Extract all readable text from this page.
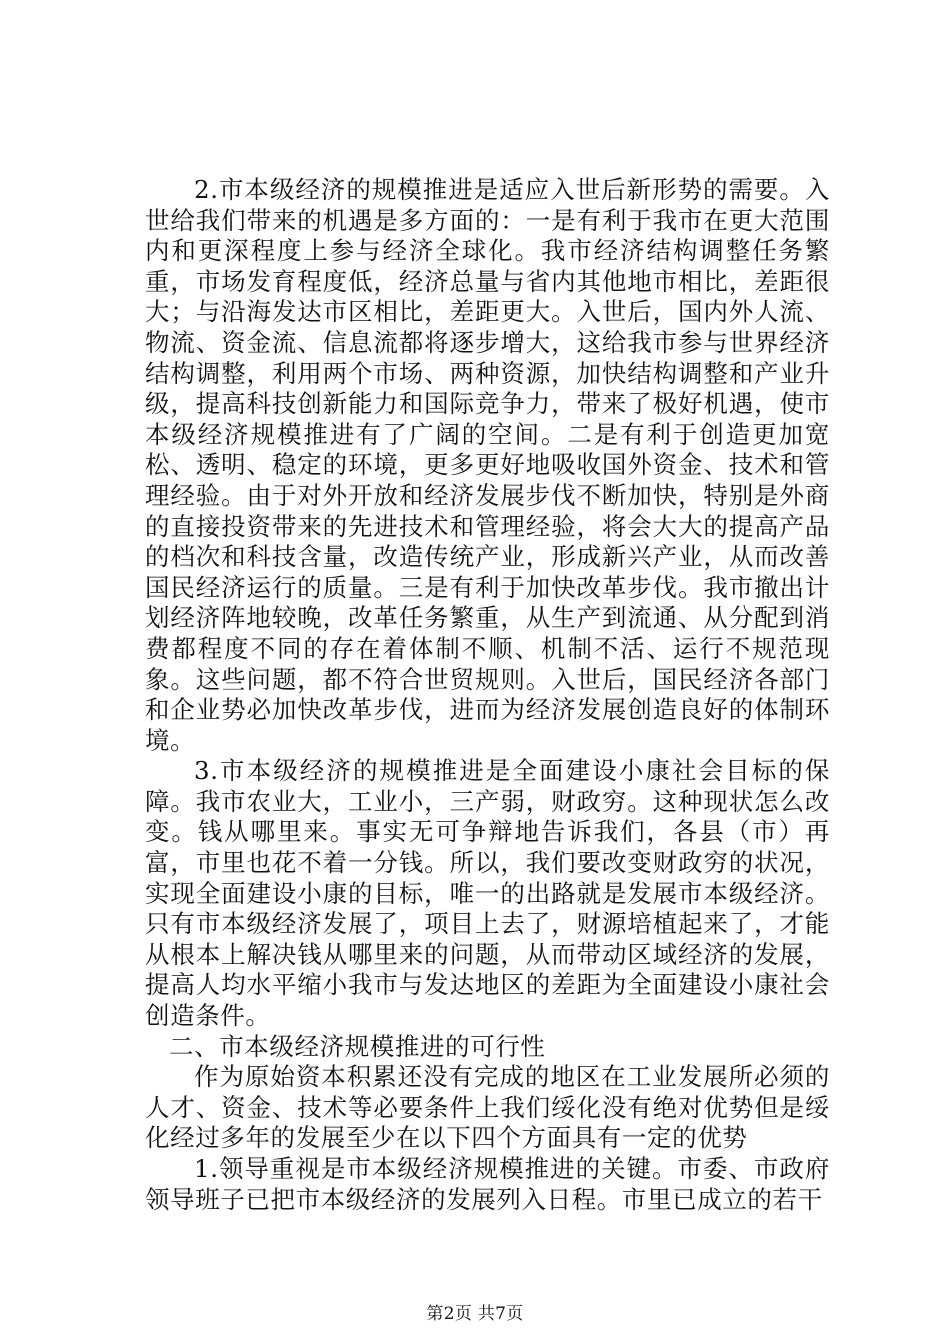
2.市本级经济的规模推进是适应入世后新形势的需要。入世给我们带来的机遇是多方面的：一是有利于我市在更大范围内和更深程度上参与经济全球化。我市经济结构调整任务繁重，市场发育程度低，经济总量与省内其他地市相比，差距很大；与沿海发达市区相比，差距更大。入世后，国内外人流、物流、资金流、信息流都将逐步增大，这给我市参与世界经济结构调整，利用两个市场、两种资源，加快结构调整和产业升级，提高科技创新能力和国际竞争力，带来了极好机遇，使市本级经济规模推进有了广阔的空间。二是有利于创造更加宽松、透明、稳定的环境，更多更好地吸收国外资金、技术和管理经验。由于对外开放和经济发展步伐不断加快，特别是外商的直接投资带来的先进技术和管理经验，将会大大的提高产品的档次和科技含量，改造传统产业，形成新兴产业，从而改善国民经济运行的质量。三是有利于加快改革步伐。我市撤出计划经济阵地较晚，改革任务繁重，从生产到流通、从分配到消费都程度不同的存在着体制不顺、机制不活、运行不规范现象。这些问题，都不符合世贸规则。入世后，国民经济各部门和企业势必加快改革步伐，进而为经济发展创造良好的体制环境。

3.市本级经济的规模推进是全面建设小康社会目标的保障。我市农业大，工业小，三产弱，财政穷。这种现状怎么改变。钱从哪里来。事实无可争辩地告诉我们，各县（市）再富，市里也花不着一分钱。所以，我们要改变财政穷的状况，实现全面建设小康的目标，唯一的出路就是发展市本级经济。只有市本级经济发展了，项目上去了，财源培植起来了，才能从根本上解决钱从哪里来的问题，从而带动区域经济的发展，提高人均水平缩小我市与发达地区的差距为全面建设小康社会创造条件。

二、市本级经济规模推进的可行性

作为原始资本积累还没有完成的地区在工业发展所必须的人才、资金、技术等必要条件上我们绥化没有绝对优势但是绥化经过多年的发展至少在以下四个方面具有一定的优势

1.领导重视是市本级经济规模推进的关键。市委、市政府领导班子已把市本级经济的发展列入日程。市里已成立的若干

第2页 共7页
